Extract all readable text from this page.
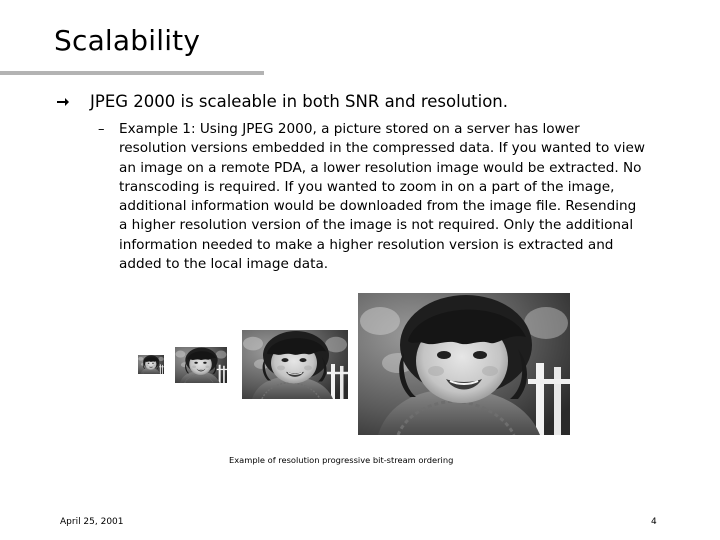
Scalability
JPEG 2000 is scaleable in both SNR and resolution.
– Example 1: Using JPEG 2000, a picture stored on a server has lower
resolution versions embedded in the compressed data. If you wanted to view
an image on a remote PDA, a lower resolution image would be extracted. No
transcoding is required. If you wanted to zoom in on a part of the image,
additional information would be downloaded from the image file. Resending
a higher resolution version of the image is not required. Only the additional
information needed to make a higher resolution version is extracted and
added to the local image data.
Example of resolution progressive bit-stream ordering
April 25, 2001	4
